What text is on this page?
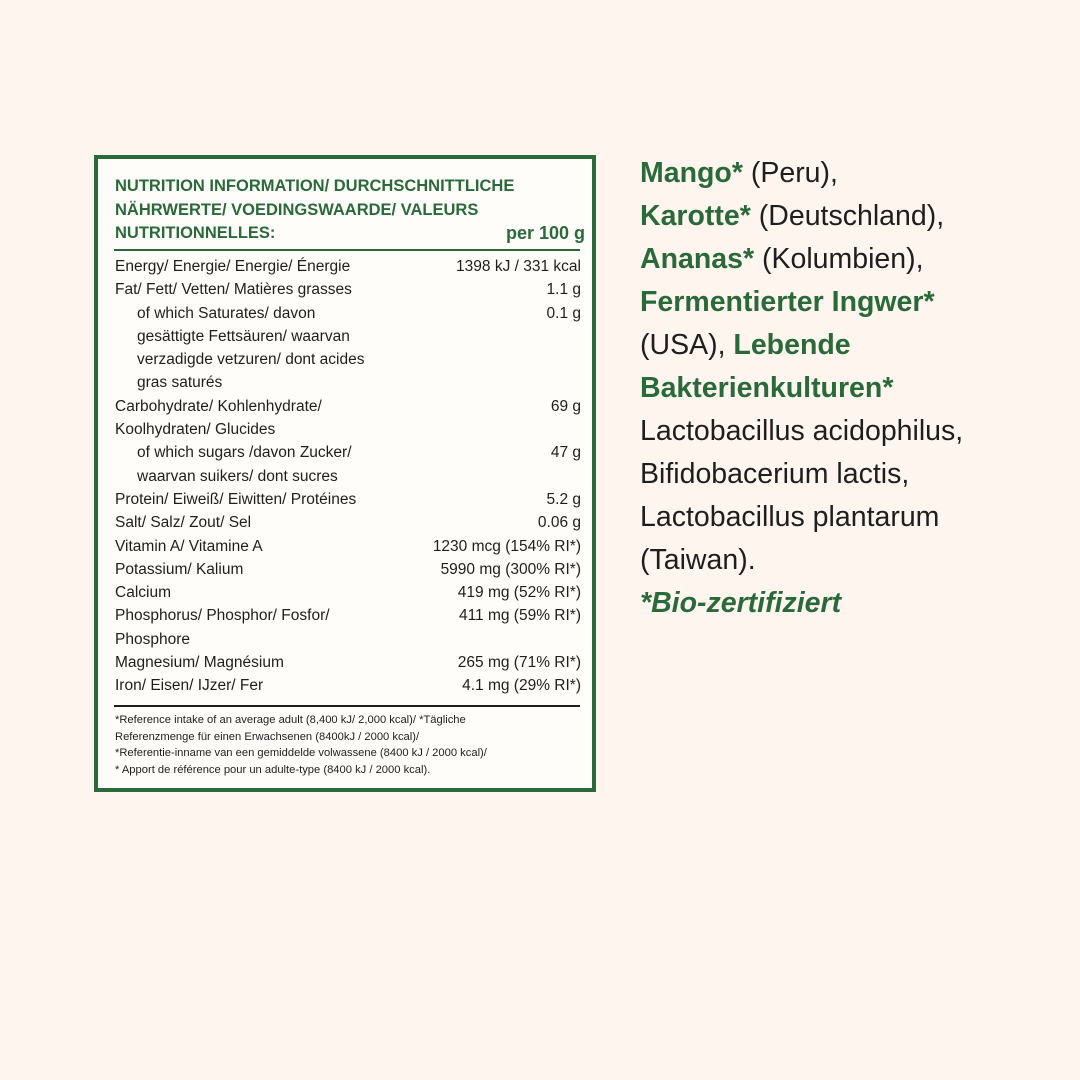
NUTRITION INFORMATION/ DURCHSCHNITTLICHE
NÄHRWERTE/ VOEDINGSWAARDE/ VALEURS
NUTRITIONNELLES:	per 100 g
Energy/ Energie/ Energie/ Énergie	1398 kJ / 331 kcal
Fat/ Fett/ Vetten/ Matières grasses	1.1 g
of which Saturates/ davon
gesättigte Fettsäuren/ waarvan
verzadigde vetzuren/ dont acides
gras saturés
0.1 g
Carbohydrate/ Kohlenhydrate/
Koolhydraten/ Glucides
69 g
of which sugars /davon Zucker/
waarvan suikers/ dont sucres
47 g
Protein/ Eiweiß/ Eiwitten/ Protéines	5.2 g
Salt/ Salz/ Zout/ Sel	0.06 g
Vitamin A/ Vitamine A	1230 mcg (154% RI*)
Potassium/ Kalium	5990 mg (300% RI*)
Calcium	419 mg (52% RI*)
Phosphorus/ Phosphor/ Fosfor/
Phosphore
411 mg (59% RI*)
Magnesium/ Magnésium	265 mg (71% RI*)
Iron/ Eisen/ IJzer/ Fer	4.1 mg (29% RI*)
*Reference intake of an average adult (8,400 kJ/ 2,000 kcal)/ *Tägliche
Referenzmenge für einen Erwachsenen (8400kJ / 2000 kcal)/
*Referentie-inname van een gemiddelde volwassene (8400 kJ / 2000 kcal)/
* Apport de référence pour un adulte-type (8400 kJ / 2000 kcal).
Mango* (Peru),
Karotte* (Deutschland),
Ananas* (Kolumbien),
Fermentierter Ingwer*
(USA), Lebende
Bakterienkulturen*
Lactobacillus acidophilus,
Bifidobacerium lactis,
Lactobacillus plantarum
(Taiwan).
*Bio-zertifiziert
